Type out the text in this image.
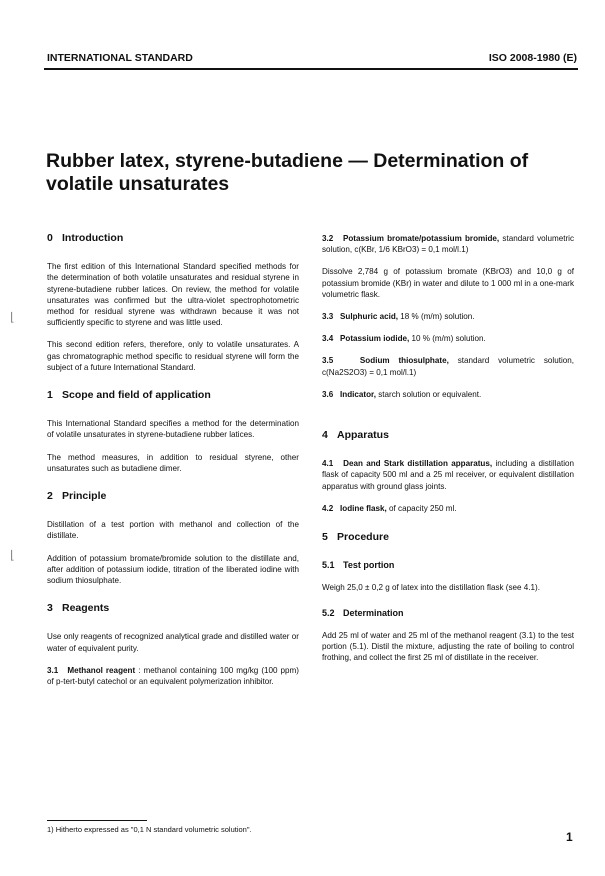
INTERNATIONAL STANDARD	ISO 2008-1980 (E)
Rubber latex, styrene-butadiene — Determination of volatile unsaturates
0 Introduction

The first edition of this International Standard specified methods for the determination of both volatile unsaturates and residual styrene in styrene-butadiene rubber latices. On review, the method for volatile unsaturates was confirmed but the ultra-violet spectrophotometric method for residual styrene was withdrawn because it was not sufficiently specific to styrene and was little used.

This second edition refers, therefore, only to volatile unsaturates. A gas chromatographic method specific to residual styrene will form the subject of a future International Standard.

1 Scope and field of application

This International Standard specifies a method for the determination of volatile unsaturates in styrene-butadiene rubber latices.

The method measures, in addition to residual styrene, other unsaturates such as butadiene dimer.

2 Principle

Distillation of a test portion with methanol and collection of the distillate.

Addition of potassium bromate/bromide solution to the distillate and, after addition of potassium iodide, titration of the liberated iodine with sodium thiosulphate.

3 Reagents

Use only reagents of recognized analytical grade and distilled water or water of equivalent purity.

3.1 Methanol reagent : methanol containing 100 mg/kg (100 ppm) of p-tert-butyl catechol or an equivalent polymerization inhibitor.

3.2 Potassium bromate/potassium bromide, standard volumetric solution, c(KBr, 1/6 KBrO3) = 0,1 mol/l.1)

Dissolve 2,784 g of potassium bromate (KBrO3) and 10,0 g of potassium bromide (KBr) in water and dilute to 1 000 ml in a one-mark volumetric flask.

3.3 Sulphuric acid, 18 % (m/m) solution.

3.4 Potassium iodide, 10 % (m/m) solution.

3.5	Sodium thiosulphate, standard volumetric solution, c(Na2S2O3) = 0,1 mol/l.1)

3.6 Indicator, starch solution or equivalent.

4 Apparatus

4.1 Dean and Stark distillation apparatus, including a distillation flask of capacity 500 ml and a 25 ml receiver, or equivalent distillation apparatus with ground glass joints.

4.2 Iodine flask, of capacity 250 ml.

5 Procedure
5.1 Test portion

Weigh 25,0 ± 0,2 g of latex into the distillation flask (see 4.1).

5.2 Determination

Add 25 ml of water and 25 ml of the methanol reagent (3.1) to the test portion (5.1). Distil the mixture, adjusting the rate of boiling to control frothing, and collect the first 25 ml of distillate in the receiver.

⌊
⌊
1) Hitherto expressed as "0,1 N standard volumetric solution".
1
